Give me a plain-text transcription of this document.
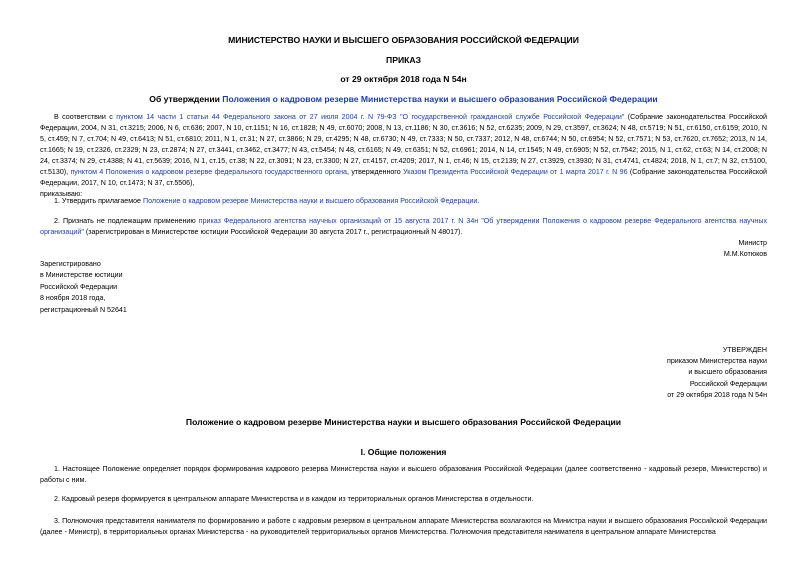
МИНИСТЕРСТВО НАУКИ И ВЫСШЕГО ОБРАЗОВАНИЯ РОССИЙСКОЙ ФЕДЕРАЦИИ
ПРИКАЗ
от 29 октября 2018 года N 54н
Об утверждении Положения о кадровом резерве Министерства науки и высшего образования Российской Федерации
В соответствии с пунктом 14 части 1 статьи 44 Федерального закона от 27 июля 2004 г. N 79-ФЗ "О государственной гражданской службе Российской Федерации" (Собрание законодательства Российской Федерации, 2004, N 31, ст.3215; 2006, N 6, ст.636; 2007, N 10, ст.1151; N 16, ст.1828; N 49, ст.6070; 2008, N 13, ст.1186; N 30, ст.3616; N 52, ст.6235; 2009, N 29, ст.3597, ст.3624; N 48, ст.5719; N 51, ст.6150, ст.6159; 2010, N 5, ст.459; N 7, ст.704; N 49, ст.6413; N 51, ст.6810; 2011, N 1, ст.31; N 27, ст.3866; N 29, ст.4295; N 48, ст.6730; N 49, ст.7333; N 50, ст.7337; 2012, N 48, ст.6744; N 50, ст.6954; N 52, ст.7571; N 53, ст.7620, ст.7652; 2013, N 14, ст.1665; N 19, ст.2326, ст.2329; N 23, ст.2874; N 27, ст.3441, ст.3462, ст.3477; N 43, ст.5454; N 48, ст.6165; N 49, ст.6351; N 52, ст.6961; 2014, N 14, ст.1545; N 49, ст.6905; N 52, ст.7542; 2015, N 1, ст.62, ст.63; N 14, ст.2008; N 24, ст.3374; N 29, ст.4388; N 41, ст.5639; 2016, N 1, ст.15, ст.38; N 22, ст.3091; N 23, ст.3300; N 27, ст.4157, ст.4209; 2017, N 1, ст.46; N 15, ст.2139; N 27, ст.3929, ст.3930; N 31, ст.4741, ст.4824; 2018, N 1, ст.7; N 32, ст.5100, ст.5130), пунктом 4 Положения о кадровом резерве федерального государственного органа, утвержденного Указом Президента Российской Федерации от 1 марта 2017 г. N 96 (Собрание законодательства Российской Федерации, 2017, N 10, ст.1473; N 37, ст.5506),
приказываю:
1. Утвердить прилагаемое Положение о кадровом резерве Министерства науки и высшего образования Российской Федерации.
2. Признать не подлежащим применению приказ Федерального агентства научных организаций от 15 августа 2017 г. N 34н "Об утверждении Положения о кадровом резерве Федерального агентства научных организаций" (зарегистрирован в Министерстве юстиции Российской Федерации 30 августа 2017 г., регистрационный N 48017).
Министр
М.М.Котюков
Зарегистрировано
в Министерстве юстиции
Российской Федерации
8 ноября 2018 года,
регистрационный N 52641
УТВЕРЖДЕН
приказом Министерства науки
и высшего образования
Российской Федерации
от 29 октября 2018 года N 54н
Положение о кадровом резерве Министерства науки и высшего образования Российской Федерации
I. Общие положения
1. Настоящее Положение определяет порядок формирования кадрового резерва Министерства науки и высшего образования Российской Федерации (далее соответственно - кадровый резерв, Министерство) и работы с ним.
2. Кадровый резерв формируется в центральном аппарате Министерства и в каждом из территориальных органов Министерства в отдельности.
3. Полномочия представителя нанимателя по формированию и работе с кадровым резервом в центральном аппарате Министерства возлагаются на Министра науки и высшего образования Российской Федерации (далее - Министр), в территориальных органах Министерства - на руководителей территориальных органов Министерства. Полномочия представителя нанимателя в центральном аппарате Министерства
